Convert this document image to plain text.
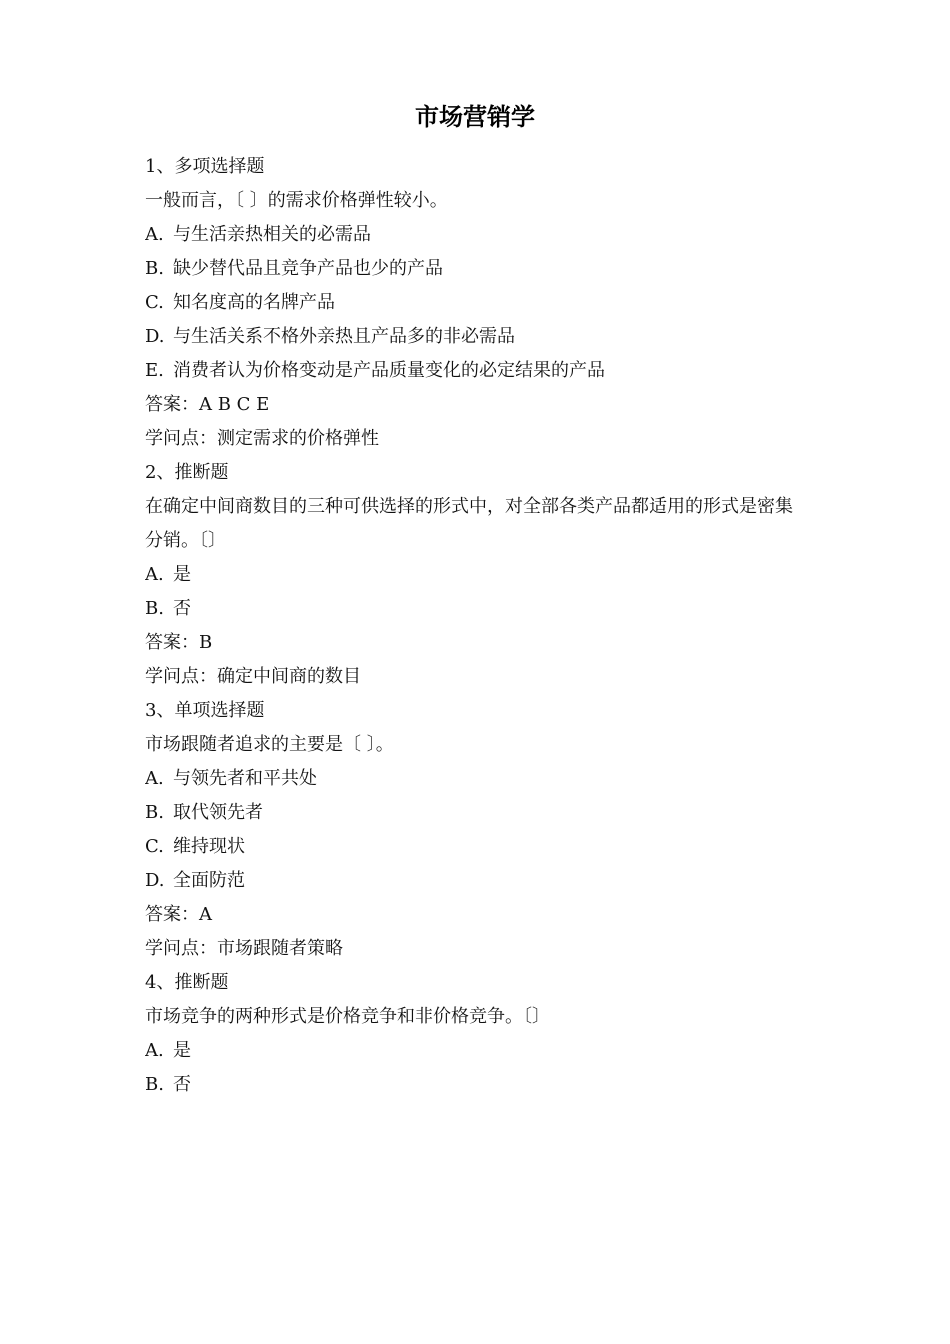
市场营销学
1、多项选择题
一般而言，〔 〕的需求价格弹性较小。
A. 与生活亲热相关的必需品
B. 缺少替代品且竞争产品也少的产品
C. 知名度高的名牌产品
D. 与生活关系不格外亲热且产品多的非必需品
E. 消费者认为价格变动是产品质量变化的必定结果的产品
答案：A B C E
学问点：测定需求的价格弹性
2、推断题
在确定中间商数目的三种可供选择的形式中，对全部各类产品都适用的形式是密集分销。〔〕
A. 是
B. 否
答案：B
学问点：确定中间商的数目
3、单项选择题
市场跟随者追求的主要是〔 〕。
A. 与领先者和平共处
B. 取代领先者
C. 维持现状
D. 全面防范
答案：A
学问点：市场跟随者策略
4、推断题
市场竞争的两种形式是价格竞争和非价格竞争。〔〕
A. 是
B. 否
